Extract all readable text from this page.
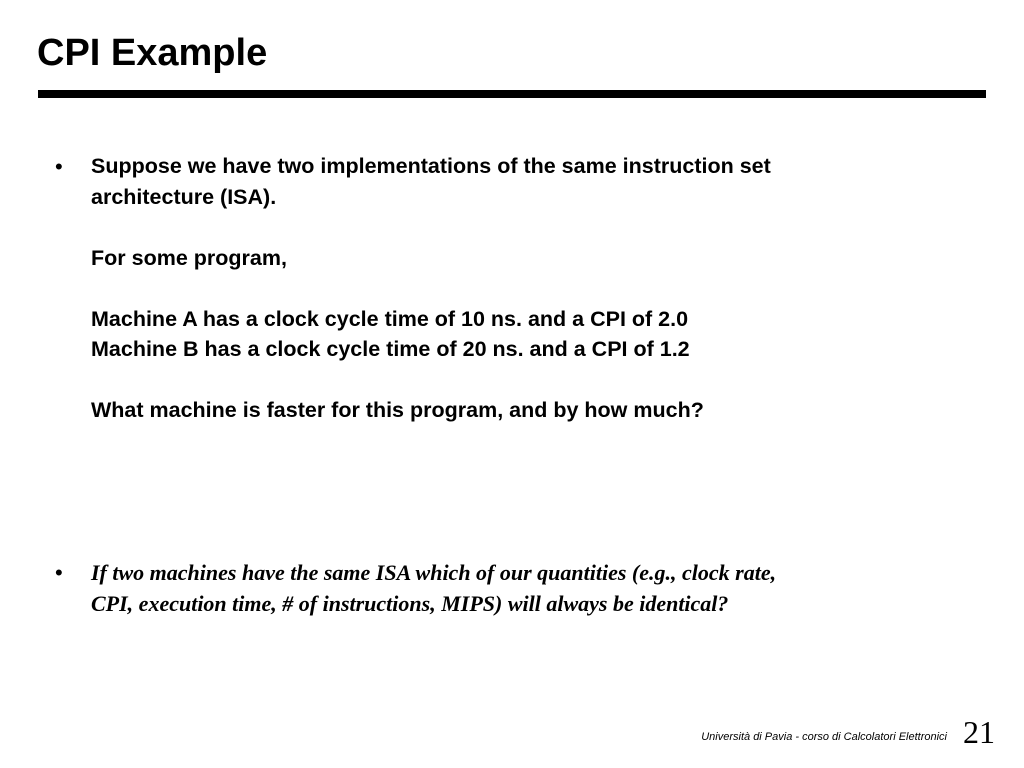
CPI Example
• Suppose we have two implementations of the same instruction set
architecture (ISA).
For some program,
Machine A has a clock cycle time of 10 ns. and a CPI of 2.0
Machine B has a clock cycle time of 20 ns. and a CPI of 1.2
What machine is faster for this program, and by how much?
• If two machines have the same ISA which of our quantities (e.g., clock rate,
CPI, execution time, # of instructions, MIPS) will always be identical?
Università di Pavia - corso di Calcolatori Elettronici 21
